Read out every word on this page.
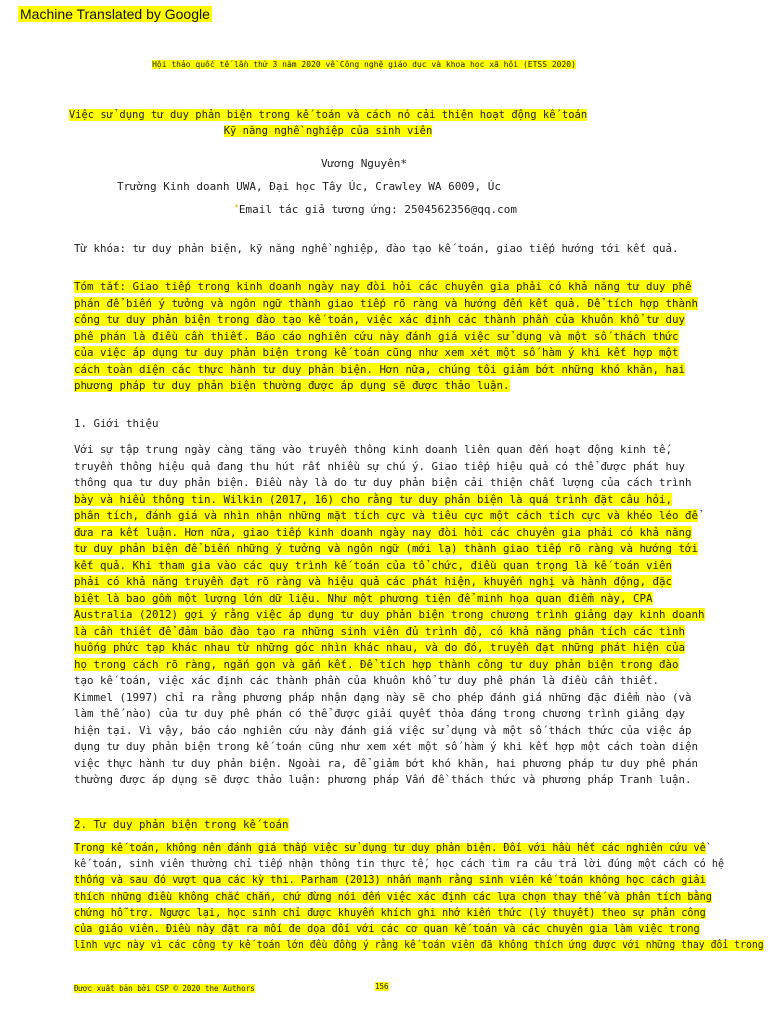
Machine Translated by Google
Hội thảo quốc tế lần thứ 3 năm 2020 về Công nghệ giáo dục và khoa học xã hội (ETSS 2020)
Việc sử dụng tư duy phản biện trong kế toán và cách nó cải thiện hoạt động kế toán
Kỹ năng nghề nghiệp của sinh viên
Vương Nguyên*
Trường Kinh doanh UWA, Đại học Tây Úc, Crawley WA 6009, Úc
*Email tác giả tương ứng: 2504562356@qq.com
Từ khóa: tư duy phản biện, kỹ năng nghề nghiệp, đào tạo kế toán, giao tiếp hướng tới kết quả.
Tóm tắt: Giao tiếp trong kinh doanh ngày nay đòi hỏi các chuyên gia phải có khả năng tư duy phê
phán để biến ý tưởng và ngôn ngữ thành giao tiếp rõ ràng và hướng đến kết quả. Để tích hợp thành
công tư duy phản biện trong đào tạo kế toán, việc xác định các thành phần của khuôn khổ tư duy
phê phán là điều cần thiết. Báo cáo nghiên cứu này đánh giá việc sử dụng và một số thách thức
của việc áp dụng tư duy phản biện trong kế toán cũng như xem xét một số hàm ý khi kết hợp một
cách toàn diện các thực hành tư duy phản biện. Hơn nữa, chúng tôi giảm bớt những khó khăn, hai
phương pháp tư duy phản biện thường được áp dụng sẽ được thảo luận.
1. Giới thiệu
Với sự tập trung ngày càng tăng vào truyền thông kinh doanh liên quan đến hoạt động kinh tế,
truyền thông hiệu quả đang thu hút rất nhiều sự chú ý. Giao tiếp hiệu quả có thể được phát huy
thông qua tư duy phản biện. Điều này là do tư duy phản biện cải thiện chất lượng của cách trình
bày và hiểu thông tin. Wilkin (2017, 16) cho rằng tư duy phản biện là quá trình đặt câu hỏi,
phân tích, đánh giá và nhìn nhận những mặt tích cực và tiêu cực một cách tích cực và khéo léo để
đưa ra kết luận. Hơn nữa, giao tiếp kinh doanh ngày nay đòi hỏi các chuyên gia phải có khả năng
tư duy phản biện để biến những ý tưởng và ngôn ngữ (mới lạ) thành giao tiếp rõ ràng và hướng tới
kết quả. Khi tham gia vào các quy trình kế toán của tổ chức, điều quan trọng là kế toán viên
phải có khả năng truyền đạt rõ ràng và hiệu quả các phát hiện, khuyến nghị và hành động, đặc
biệt là bao gồm một lượng lớn dữ liệu. Như một phương tiện để minh họa quan điểm này, CPA
Australia (2012) gợi ý rằng việc áp dụng tư duy phản biện trong chương trình giảng dạy kinh doanh
là cần thiết để đảm bảo đào tạo ra những sinh viên đủ trình độ, có khả năng phân tích các tình
huống phức tạp khác nhau từ những góc nhìn khác nhau, và do đó, truyền đạt những phát hiện của
họ trong cách rõ ràng, ngắn gọn và gắn kết. Để tích hợp thành công tư duy phản biện trong đào
tạo kế toán, việc xác định các thành phần của khuôn khổ tư duy phê phán là điều cần thiết.
Kimmel (1997) chỉ ra rằng phương pháp nhận dạng này sẽ cho phép đánh giá những đặc điểm nào (và
làm thế nào) của tư duy phê phán có thể được giải quyết thỏa đáng trong chương trình giảng dạy
hiện tại. Vì vậy, báo cáo nghiên cứu này đánh giá việc sử dụng và một số thách thức của việc áp
dụng tư duy phản biện trong kế toán cũng như xem xét một số hàm ý khi kết hợp một cách toàn diện
việc thực hành tư duy phản biện. Ngoài ra, để giảm bớt khó khăn, hai phương pháp tư duy phê phán
thường được áp dụng sẽ được thảo luận: phương pháp Vấn đề thách thức và phương pháp Tranh luận.
2. Tư duy phản biện trong kế toán
Trong kế toán, không nên đánh giá thấp việc sử dụng tư duy phản biện. Đối với hầu hết các nghiên cứu về
kế toán, sinh viên thường chỉ tiếp nhận thông tin thực tế, học cách tìm ra câu trả lời đúng một cách có hệ
thống và sau đó vượt qua các kỳ thi. Parham (2013) nhấn mạnh rằng sinh viên kế toán không học cách giải
thích những điều không chắc chắn, chứ đừng nói đến việc xác định các lựa chọn thay thế và phân tích bằng
chứng hỗ trợ. Ngược lại, học sinh chỉ được khuyến khích ghi nhớ kiến thức (lý thuyết) theo sự phân công
của giáo viên. Điều này đặt ra mối đe dọa đối với các cơ quan kế toán và các chuyên gia làm việc trong
lĩnh vực này vì các công ty kế toán lớn đều đồng ý rằng kế toán viên đã không thích ứng được với những thay đổi trong
Được xuất bản bởi CSP © 2020 the Authors	156
